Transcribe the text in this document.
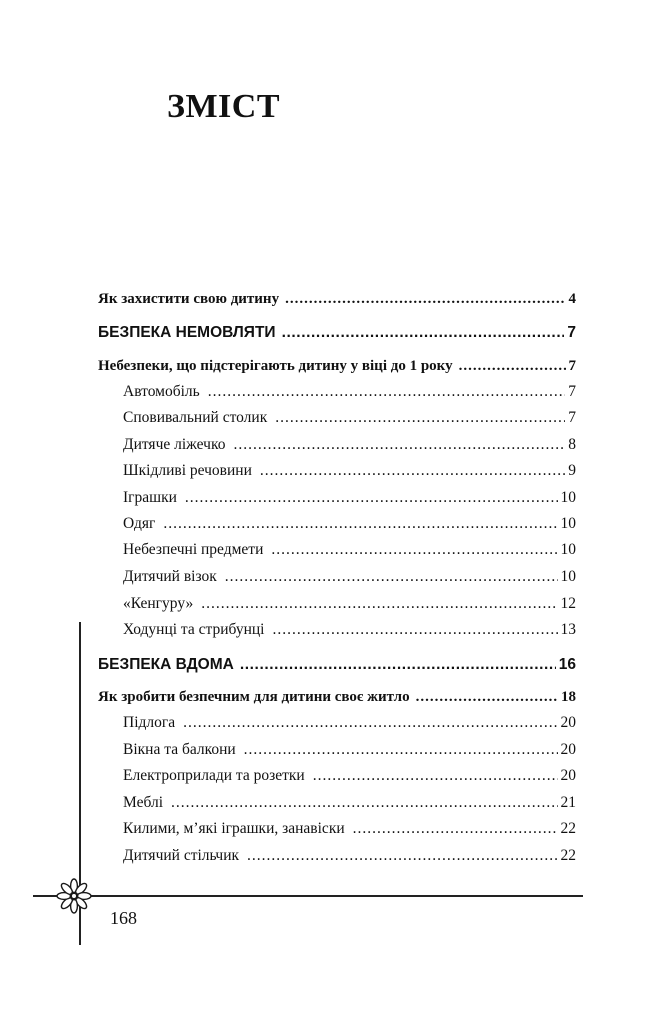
ЗМІСТ
Як захистити свою дитину .....	4
БЕЗПЕКА НЕМОВЛЯТИ .....	7
Небезпеки, що підстерігають дитину у віці до 1 року .....	7
Автомобіль .....	7
Сповивальний столик .....	7
Дитяче ліжечко .....	8
Шкідливі речовини .....	9
Іграшки .....	10
Одяг .....	10
Небезпечні предмети .....	10
Дитячий візок .....	10
«Кенгуру» .....	12
Ходунці та стрибунці .....	13
БЕЗПЕКА ВДОМА .....	16
Як зробити безпечним для дитини своє житло .....	18
Підлога .....	20
Вікна та балкони .....	20
Електроприлади та розетки .....	20
Меблі .....	21
Килими, м’які іграшки, занавіски .....	22
Дитячий стільчик .....	22
168
